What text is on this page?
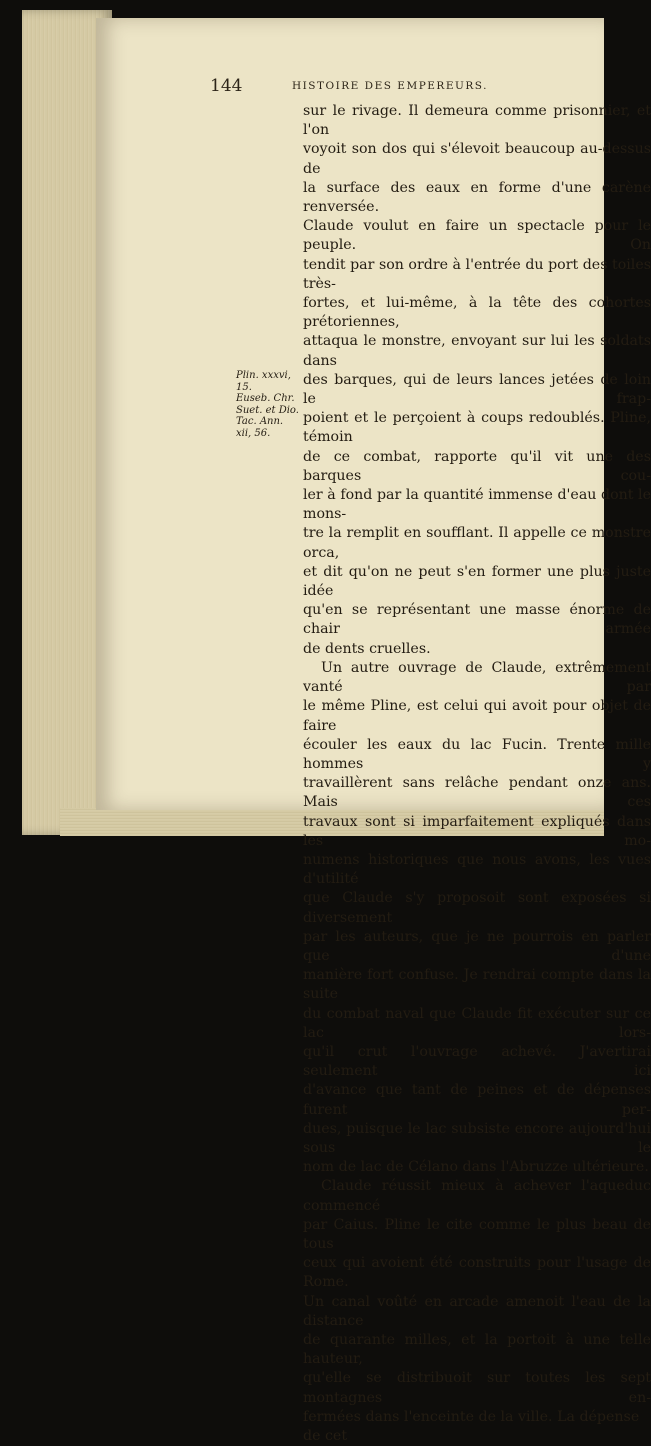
144	HISTOIRE DES EMPEREURS.
Plin. xxxvi,
15.
Euseb. Chr.
Suet. et Dio.
Tac. Ann.
xii, 56.
sur le rivage. Il demeura comme prisonnier, et l'on
voyoit son dos qui s'élevoit beaucoup au-dessus de
la surface des eaux en forme d'une carène renversée.
Claude voulut en faire un spectacle pour le peuple. On
tendit par son ordre à l'entrée du port des toiles très-
fortes, et lui-même, à la tête des cohortes prétoriennes,
attaqua le monstre, envoyant sur lui les soldats dans
des barques, qui de leurs lances jetées de loin le frap-
poient et le perçoient à coups redoublés. Pline, témoin
de ce combat, rapporte qu'il vit une des barques cou-
ler à fond par la quantité immense d'eau dont le mons-
tre la remplit en soufflant. Il appelle ce monstre orca,
et dit qu'on ne peut s'en former une plus juste idée
qu'en se représentant une masse énorme de chair armée
de dents cruelles.
Un autre ouvrage de Claude, extrêmement vanté par
le même Pline, est celui qui avoit pour objet de faire
écouler les eaux du lac Fucin. Trente mille hommes y
travaillèrent sans relâche pendant onze ans. Mais ces
travaux sont si imparfaitement expliqués dans les mo-
numens historiques que nous avons, les vues d'utilité
que Claude s'y proposoit sont exposées si diversement
par les auteurs, que je ne pourrois en parler que d'une
manière fort confuse. Je rendrai compte dans la suite
du combat naval que Claude fit exécuter sur ce lac lors-
qu'il crut l'ouvrage achevé. J'avertirai seulement ici
d'avance que tant de peines et de dépenses furent per-
dues, puisque le lac subsiste encore aujourd'hui sous le
nom de lac de Célano dans l'Abruzze ultérieure.
Claude réussit mieux à achever l'aqueduc commencé
par Caius. Pline le cite comme le plus beau de tous
ceux qui avoient été construits pour l'usage de Rome.
Un canal voûté en arcade amenoit l'eau de la distance
de quarante milles, et la portoit à une telle hauteur,
qu'elle se distribuoit sur toutes les sept montagnes en-
fermées dans l'enceinte de la ville. La dépense de cet
